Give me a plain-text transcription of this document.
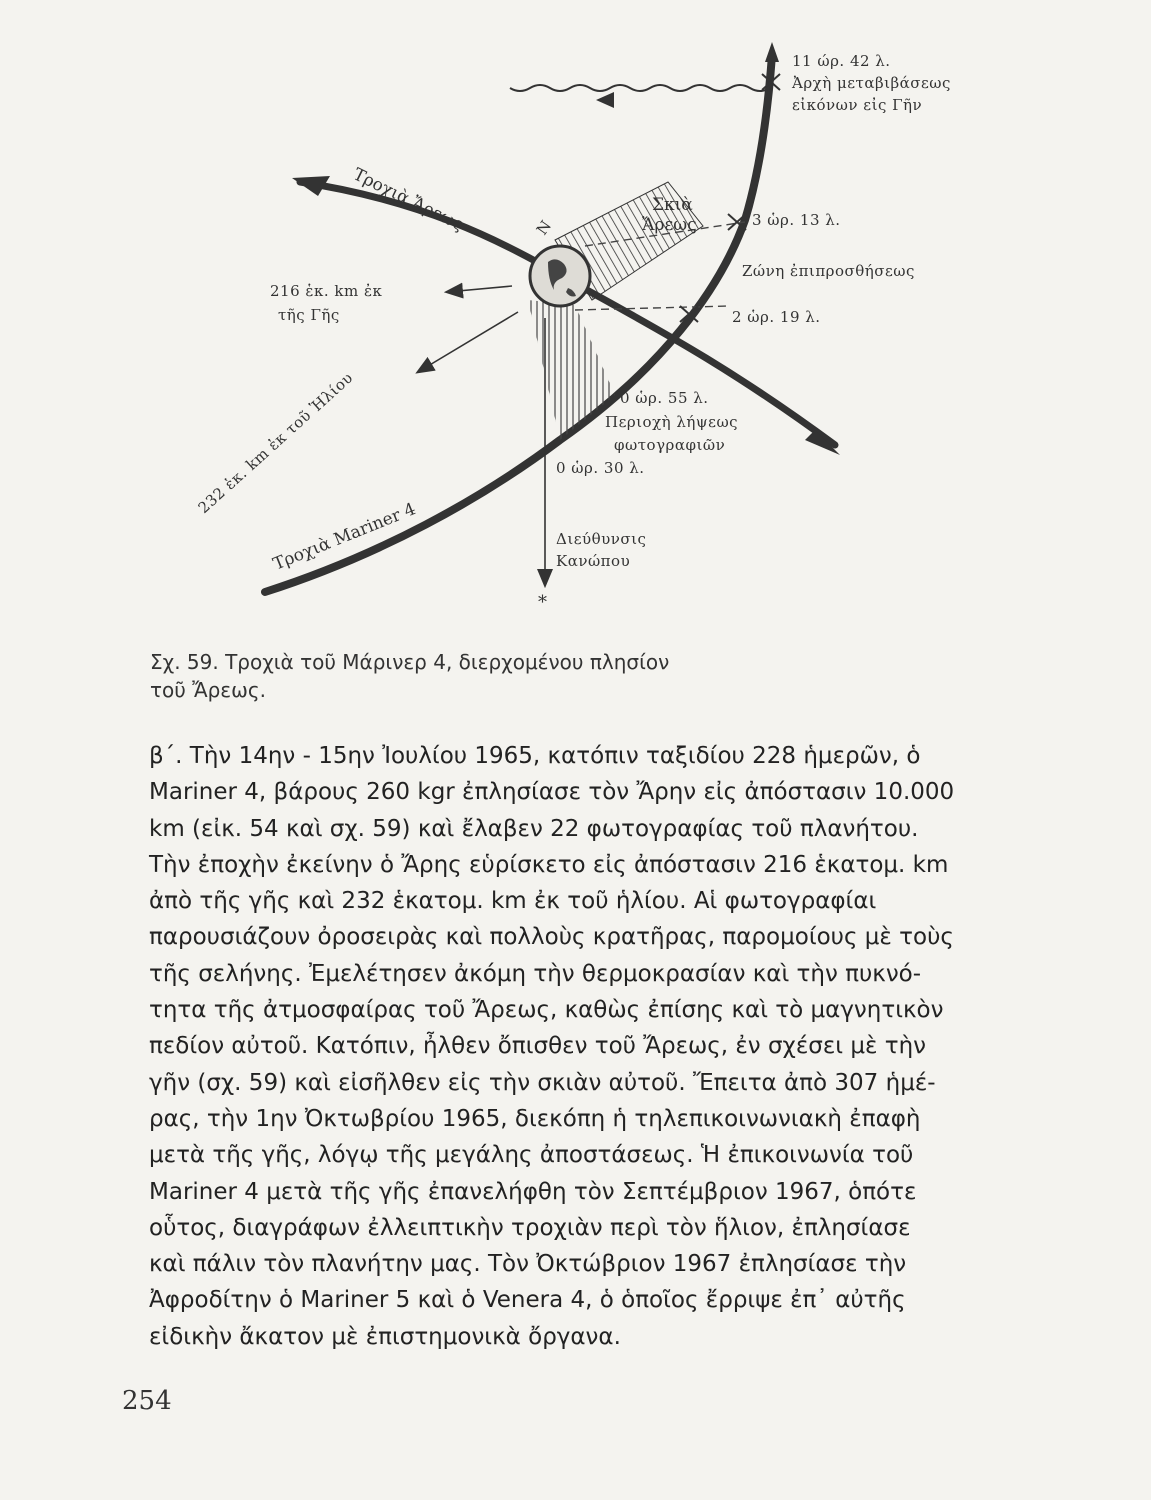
11 ώρ. 42 λ.
Ἀρχὴ μεταβιβάσεως
εἰκόνων εἰς Γῆν
3 ὡρ. 13 λ.
Ζώνη ἐπιπροσθήσεως
2 ὡρ. 19 λ.
Σκιὰ
Ἄρεως
N
Τροχιὰ Ἄρεως
216 ἑκ. km ἐκ
τῆς Γῆς
232 ἑκ. km ἐκ τοῦ Ἡλίου	0 ὡρ. 55 λ.
Περιοχὴ λήψεως
φωτογραφιῶν
0 ὡρ. 30 λ.
Τροχιὰ Mariner 4	Διεύθυνσις
Κανώπου
*

Σχ. 59. Τροχιὰ τοῦ Μάρινερ 4, διερχομένου πλησίον
τοῦ Ἄρεως.

β΄. Τὴν 14ην - 15ην Ἰουλίου 1965, κατόπιν ταξιδίου 228 ἡμερῶν, ὁ
Mariner 4, βάρους 260 kgr ἐπλησίασε τὸν Ἄρην εἰς ἀπόστασιν 10.000
km (εἰκ. 54 καὶ σχ. 59) καὶ ἔλαβεν 22 φωτογραφίας τοῦ πλανήτου.
Τὴν ἐποχὴν ἐκείνην ὁ Ἄρης εὑρίσκετο εἰς ἀπόστασιν 216 ἑκατομ. km
ἀπὸ τῆς γῆς καὶ 232 ἑκατομ. km ἐκ τοῦ ἡλίου. Αἱ φωτογραφίαι
παρουσιάζουν ὀροσειρὰς καὶ πολλοὺς κρατῆρας, παρομοίους μὲ τοὺς
τῆς σελήνης. Ἐμελέτησεν ἀκόμη τὴν θερμοκρασίαν καὶ τὴν πυκνό-
τητα τῆς ἀτμοσφαίρας τοῦ Ἄρεως, καθὼς ἐπίσης καὶ τὸ μαγνητικὸν
πεδίον αὐτοῦ. Κατόπιν, ἦλθεν ὄπισθεν τοῦ Ἄρεως, ἐν σχέσει μὲ τὴν
γῆν (σχ. 59) καὶ εἰσῆλθεν εἰς τὴν σκιὰν αὐτοῦ. Ἔπειτα ἀπὸ 307 ἡμέ-
ρας, τὴν 1ην Ὀκτωβρίου 1965, διεκόπη ἡ τηλεπικοινωνιακὴ ἐπαφὴ
μετὰ τῆς γῆς, λόγῳ τῆς μεγάλης ἀποστάσεως. Ἡ ἐπικοινωνία τοῦ
Mariner 4 μετὰ τῆς γῆς ἐπανελήφθη τὸν Σεπτέμβριον 1967, ὁπότε
οὗτος, διαγράφων ἐλλειπτικὴν τροχιὰν περὶ τὸν ἥλιον, ἐπλησίασε
καὶ πάλιν τὸν πλανήτην μας. Τὸν Ὀκτώβριον 1967 ἐπλησίασε τὴν
Ἀφροδίτην ὁ Mariner 5 καὶ ὁ Venera 4, ὁ ὁποῖος ἔρριψε ἐπ᾽ αὐτῆς
εἰδικὴν ἄκατον μὲ ἐπιστημονικὰ ὄργανα.
254
